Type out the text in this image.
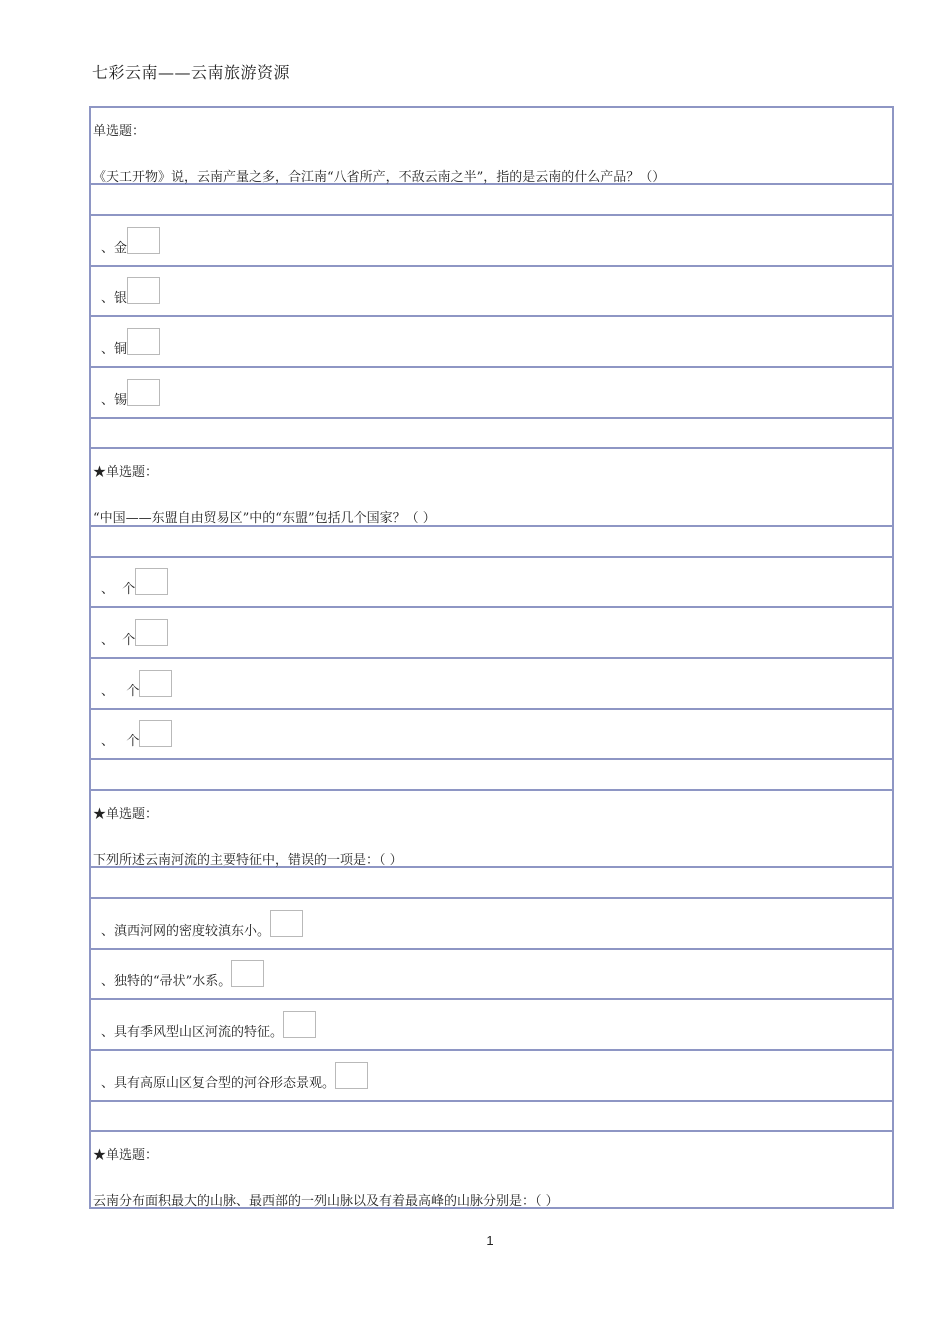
七彩云南——云南旅游资源
单选题：
《天工开物》说，云南产量之多，合江南“八省所产，不敌云南之半”，指的是云南的什么产品？（）
、金
、银
、铜
、锡
★单选题：
“中国——东盟自由贸易区”中的“东盟”包括几个国家？（ ）
、  个
、  个
、   个
、   个
★单选题：
下列所述云南河流的主要特征中，错误的一项是：（ ）
、滇西河网的密度较滇东小。
、独特的“帚状”水系。
、具有季风型山区河流的特征。
、具有高原山区复合型的河谷形态景观。
★单选题：
云南分布面积最大的山脉、最西部的一列山脉以及有着最高峰的山脉分别是：（ ）
1
